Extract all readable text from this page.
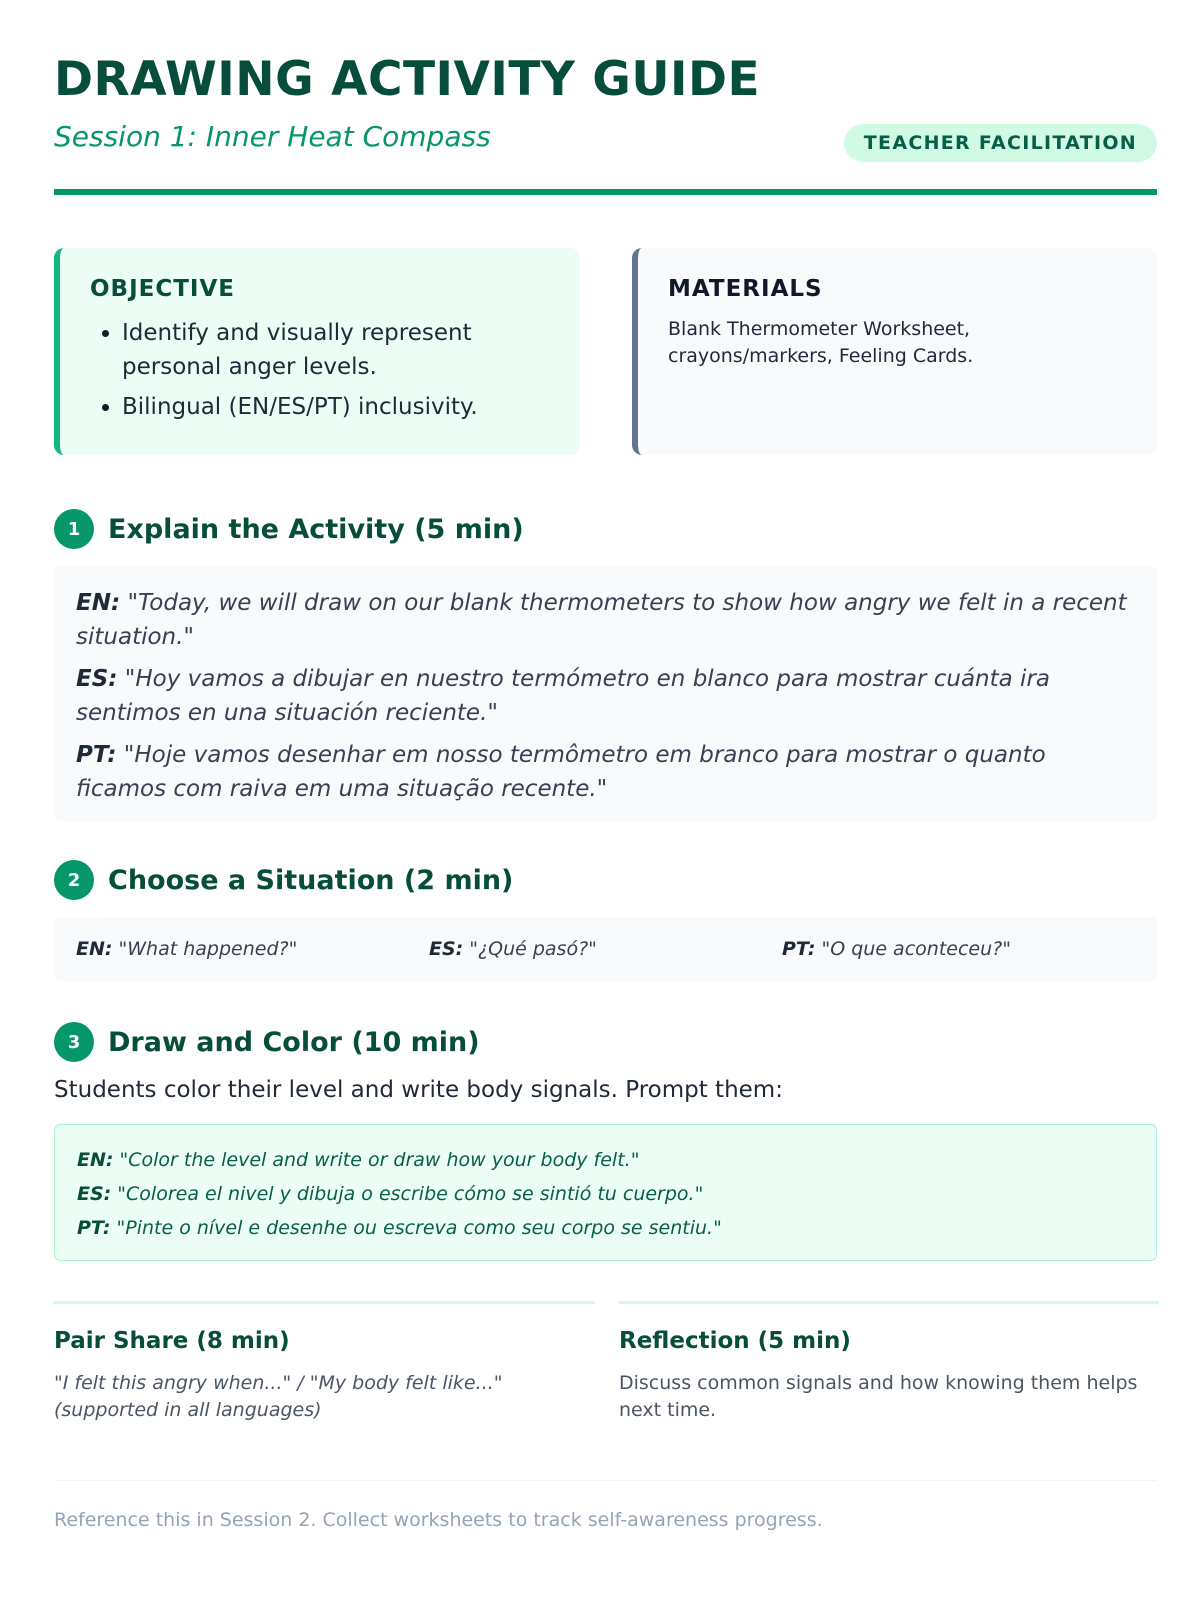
DRAWING ACTIVITY GUIDE
Session 1: Inner Heat Compass	TEACHER FACILITATION
OBJECTIVE
• Identify and visually represent personal anger levels.
• Bilingual (EN/ES/PT) inclusivity.
MATERIALS

Blank Thermometer Worksheet, crayons/markers, Feeling Cards.

1	Explain the Activity (5 min)

EN: "Today, we will draw on our blank thermometers to show how angry we felt in a recent situation."

ES: "Hoy vamos a dibujar en nuestro termómetro en blanco para mostrar cuánta ira sentimos en una situación reciente."

PT: "Hoje vamos desenhar em nosso termômetro em branco para mostrar o quanto ficamos com raiva em uma situação recente."

2	Choose a Situation (2 min)
EN: "What happened?"	ES: "¿Qué pasó?"	PT: "O que aconteceu?"
3	Draw and Color (10 min)
Students color their level and write body signals. Prompt them:

EN: "Color the level and write or draw how your body felt."

ES: "Colorea el nivel y dibuja o escribe cómo se sintió tu cuerpo."

PT: "Pinte o nível e desenhe ou escreva como seu corpo se sentiu."

Pair Share (8 min)

"I felt this angry when..." / "My body felt like..." (supported in all languages)

Reflection (5 min)

Discuss common signals and how knowing them helps next time.

Reference this in Session 2. Collect worksheets to track self-awareness progress.
